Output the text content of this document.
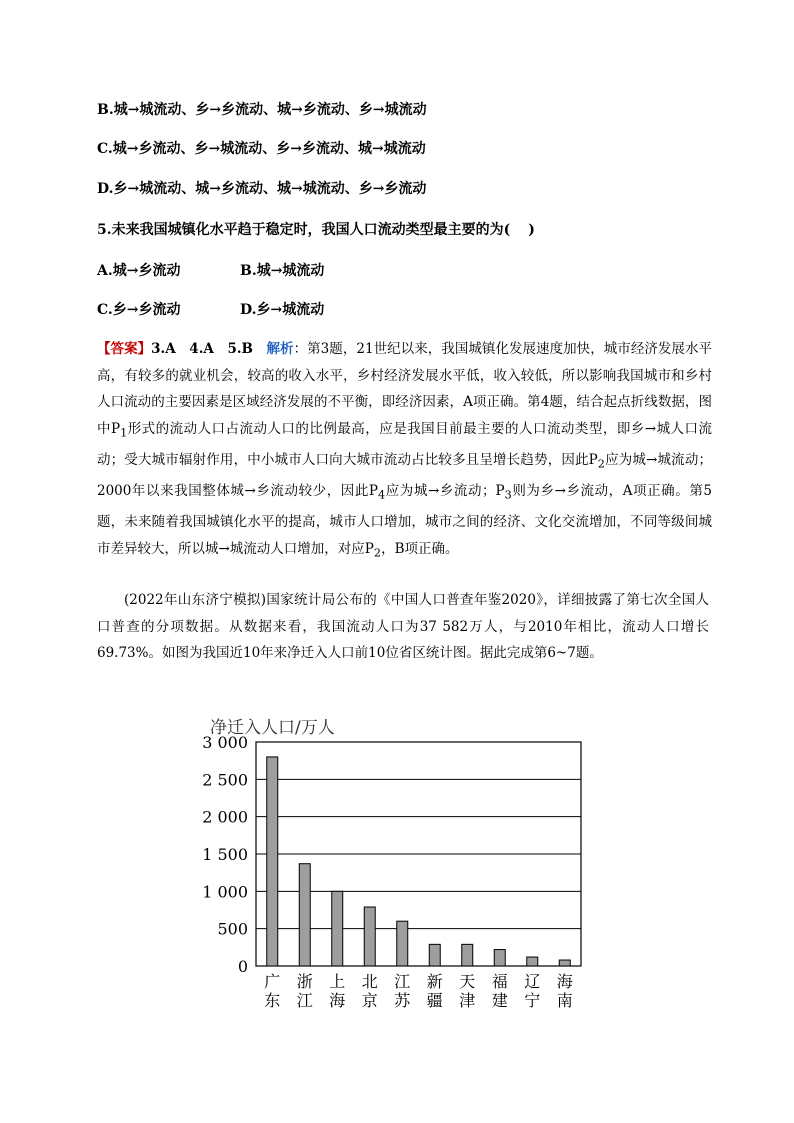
B.城→城流动、乡→乡流动、城→乡流动、乡→城流动
C.城→乡流动、乡→城流动、乡→乡流动、城→城流动
D.乡→城流动、城→乡流动、城→城流动、乡→乡流动
5.未来我国城镇化水平趋于稳定时，我国人口流动类型最主要的为( )
A.城→乡流动	B.城→城流动
C.乡→乡流动	D.乡→城流动
【答案】3.A　4.A　5.B　 解析：第3题，21世纪以来，我国城镇化发展速度加快，城市经济发展水平高，有较多的就业机会，较高的收入水平，乡村经济发展水平低，收入较低，所以影响我国城市和乡村人口流动的主要因素是区域经济发展的不平衡，即经济因素，A项正确。第4题，结合起点折线数据，图中$P_1$形式的流动人口占流动人口的比例最高，应是我国目前最主要的人口流动类型，即乡→城人口流动；受大城市辐射作用，中小城市人口向大城市流动占比较多且呈增长趋势，因此$P_2$应为城→城流动；2000年以来我国整体城→乡流动较少，因此$P_4$应为城→乡流动；$P_3$则为乡→乡流动，A项正确。第5题，未来随着我国城镇化水平的提高，城市人口增加，城市之间的经济、文化交流增加，不同等级间城市差异较大，所以城→城流动人口增加，对应$P_2$，B项正确。
(2022年山东济宁模拟)国家统计局公布的《中国人口普查年鉴2020》，详细披露了第七次全国人口普查的分项数据。从数据来看，我国流动人口为37 582万人，与2010年相比，流动人口增长69.73%。如图为我国近10年来净迁入人口前10位省区统计图。据此完成第6~7题。
净迁入人口/万人
0
500
1 000
1 500
2 000
2 500
3 000
广
东
浙
江
上
海
北
京
江
苏
新
疆
天
津
福
建
辽
宁
海
南
